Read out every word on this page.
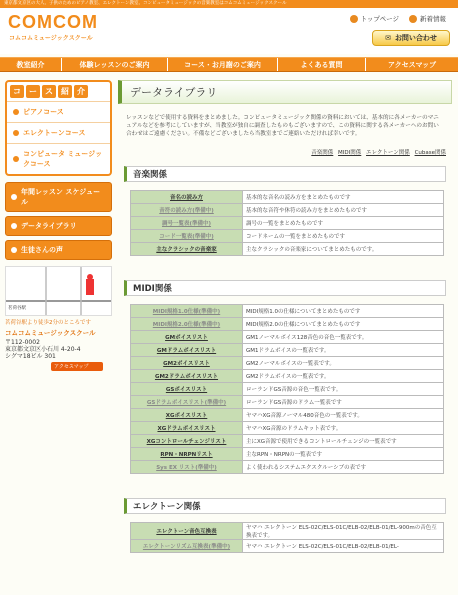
東京都文京区の大人、子供のためのピアノ教室、エレクトーン教室、コンピュータミュージックの音楽教室はコムコムミュージックスクール
COMCOM
コムコムミュージックスクール
トップページ	新着情報
✉ お問い合わせ
教室紹介	体験レッスンのご案内	コース・お月謝のご案内	よくある質問	アクセスマップ
コ	ー	ス	紹	介
ピアノコース
エレクトーンコース
コンピュータ ミュージックコース
年間レッスン スケジュール
データライブラリ
生徒さんの声
茗荷谷駅
茗荷谷駅より徒歩2分のところです
コムコムミュージックスクール
〒112-0002
東京都文京区小石川 4-20-4
シグマ18ビル 301
アクセスマップ
データライブラリ
レッスンなどで使用する資料をまとめました。コンピュータミュージック関係の資料においては、基本的に各メーカーのマニュアルなどを参考にしていますが、当教室が独自に調査したものもございますので、この資料に関する各メーカーへのお問い合わせはご遠慮ください。不備などございましたら当教室までご連絡いただければ幸いです。
音楽関係 MIDI関係 エレクトーン関係 Cubase関係
音楽関係
音名の読み方	基本的な音名の読み方をまとめたものです
音符の読み方(準備中)	基本的な音符や休符の読み方をまとめたものです
調号一覧表(準備中)	調号の一覧をまとめたものです
コード一覧表(準備中)	コードネームの一覧をまとめたものです
主なクラシックの音楽家	主なクラシックの音楽家についてまとめたものです。
MIDI関係
MIDI規格1.0仕様(準備中)	MIDI規格1.0の仕様についてまとめたものです
MIDI規格2.0仕様(準備中)	MIDI規格2.0の仕様についてまとめたものです
GMボイスリスト	GM1ノーマルボイス128音色の音色一覧表です。
GMドラムボイスリスト	GM1ドラムボイスの一覧表です。
GM2ボイスリスト	GM2ノーマルボイスの一覧表です。
GM2ドラムボイスリスト	GM2ドラムボイスの一覧表です。
GSボイスリスト	ローランドGS音源の音色一覧表です。
GSドラムボイスリスト(準備中)	ローランドGS音源のドラム一覧表です
XGボイスリスト	ヤマハXG音源ノーマル480音色の一覧表です。
XGドラムボイスリスト	ヤマハXG音源のドラムキット表です。
XGコントロールチェンジリスト	主にXG音源で使用できるコントロールチェンジの一覧表です
RPN・NRPNリスト	主なRPN・NRPNの一覧表です
Sys EX リスト(準備中)	よく使われるシステムエクスクルーシブの表です
エレクトーン関係
エレクトーン音色互換表	ヤマハ エレクトーン ELS-02C/ELS-01C/ELB-02/ELB-01/EL-900mの音色互換表です。
エレクトーンリズム互換表(準備中)	ヤマハ エレクトーン ELS-02C/ELS-01C/ELB-02/ELB-01/EL-
